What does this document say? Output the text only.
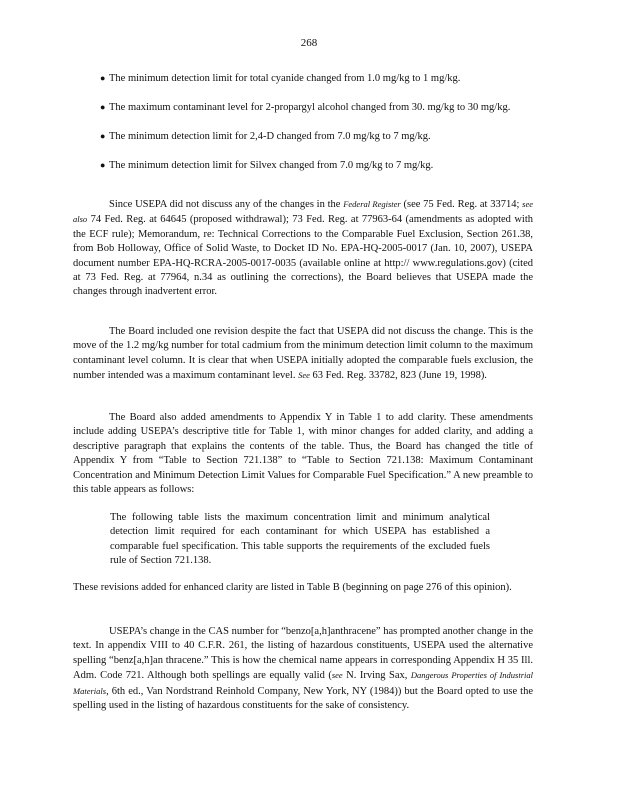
268
● The minimum detection limit for total cyanide changed from 1.0 mg/kg to 1 mg/kg.
● The maximum contaminant level for 2-propargyl alcohol changed from 30. mg/kg to 30 mg/kg.
● The minimum detection limit for 2,4-D changed from 7.0 mg/kg to 7 mg/kg.
● The minimum detection limit for Silvex changed from 7.0 mg/kg to 7 mg/kg.

Since USEPA did not discuss any of the changes in the Federal Register (see 75 Fed. Reg. at 33714; see also 74 Fed. Reg. at 64645 (proposed withdrawal); 73 Fed. Reg. at 77963-64 (amendments as adopted with the ECF rule); Memorandum, re: Technical Corrections to the Comparable Fuel Exclusion, Section 261.38, from Bob Holloway, Office of Solid Waste, to Docket ID No. EPA-HQ-2005-0017 (Jan. 10, 2007), USEPA document number EPA-HQ-RCRA-2005-0017-0035 (available online at http:// www.regulations.gov) (cited at 73 Fed. Reg. at 77964, n.34 as outlining the corrections), the Board believes that USEPA made the changes through inadvertent error.

The Board included one revision despite the fact that USEPA did not discuss the change. This is the move of the 1.2 mg/kg number for total cadmium from the minimum detection limit column to the maximum contaminant level column. It is clear that when USEPA initially adopted the comparable fuels exclusion, the number intended was a maximum contaminant level. See 63 Fed. Reg. 33782, 823 (June 19, 1998).

The Board also added amendments to Appendix Y in Table 1 to add clarity. These amendments include adding USEPA’s descriptive title for Table 1, with minor changes for added clarity, and adding a descriptive paragraph that explains the contents of the table. Thus, the Board has changed the title of Appendix Y from “Table to Section 721.138” to “Table to Section 721.138: Maximum Contaminant Concentration and Minimum Detection Limit Values for Comparable Fuel Specification.” A new preamble to this table appears as follows:

The following table lists the maximum concentration limit and minimum analytical detection limit required for each contaminant for which USEPA has established a comparable fuel specification. This table supports the requirements of the excluded fuels rule of Section 721.138.

These revisions added for enhanced clarity are listed in Table B (beginning on page 276 of this opinion).

USEPA’s change in the CAS number for “benzo[a,h]anthracene” has prompted another change in the text. In appendix VIII to 40 C.F.R. 261, the listing of hazardous constituents, USEPA used the alternative spelling “benz[a,h]an thracene.” This is how the chemical name appears in corresponding Appendix H 35 Ill. Adm. Code 721. Although both spellings are equally valid (see N. Irving Sax, Dangerous Properties of Industrial Materials, 6th ed., Van Nordstrand Reinhold Company, New York, NY (1984)) but the Board opted to use the spelling used in the listing of hazardous constituents for the sake of consistency.
